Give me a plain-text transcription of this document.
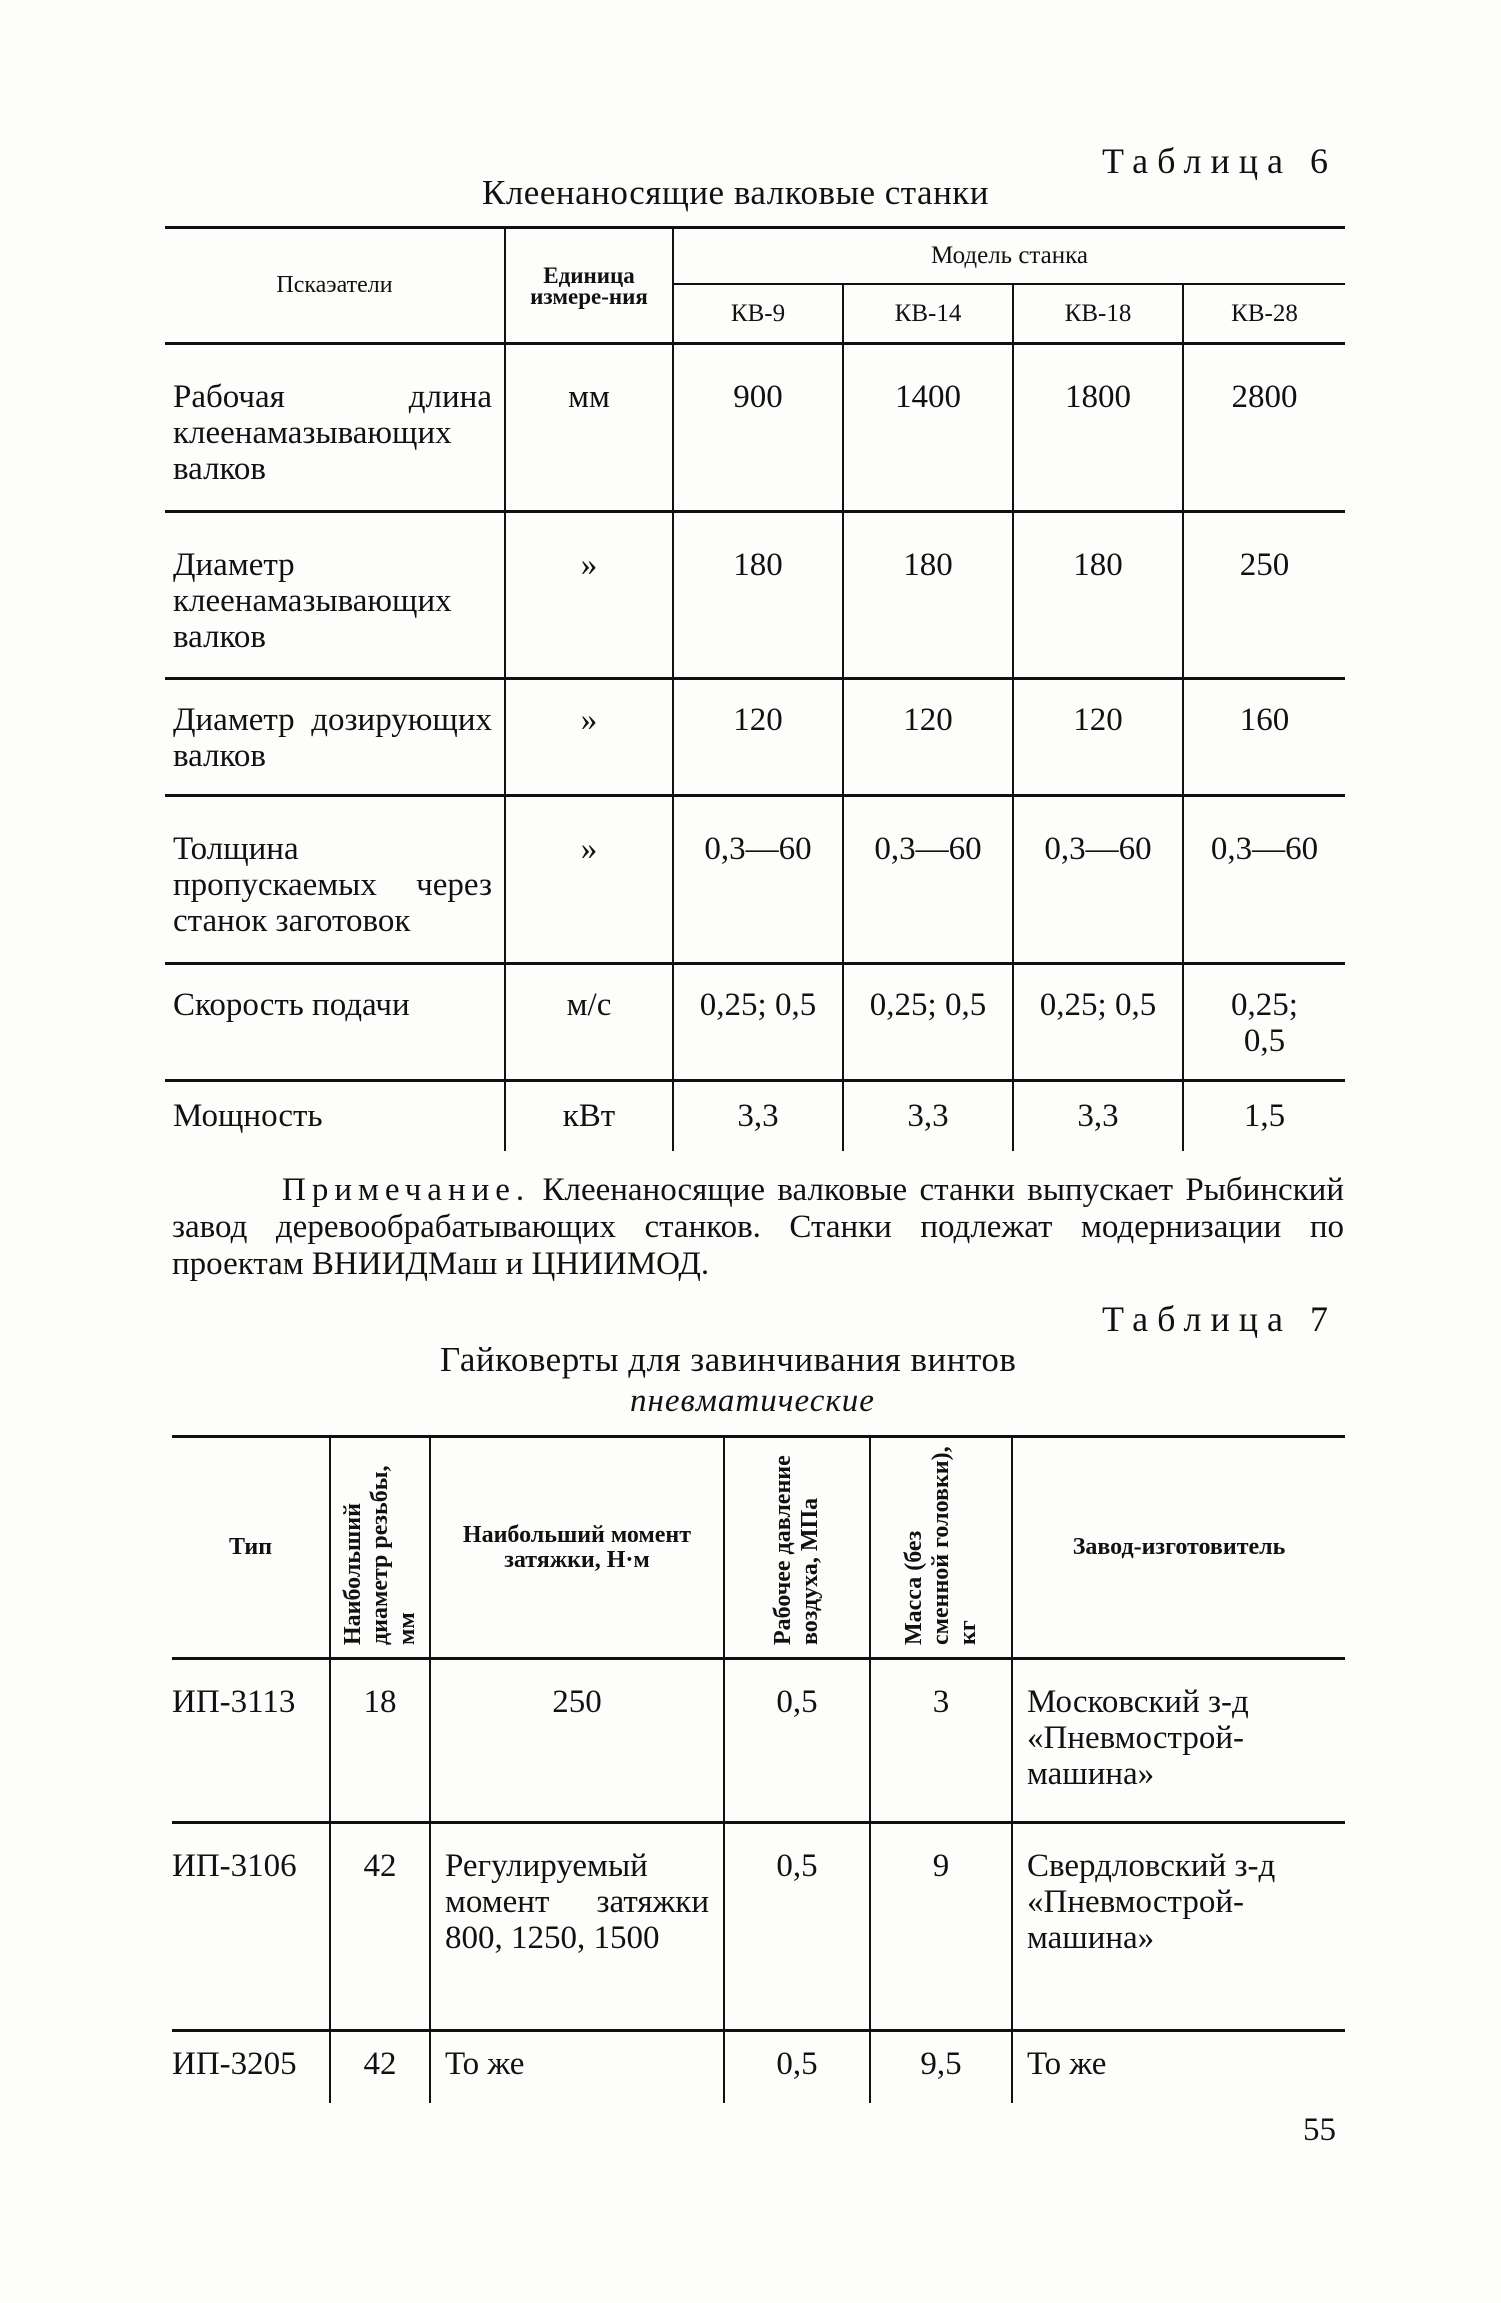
Таблица 6
Клеенаносящие валковые станки
Пскаэатели	Единица измере-ния	Модель станка			
		КВ-9	КВ-14	КВ-18	КВ-28
Рабочая длина клеенамазывающих валков	мм	900	1400	1800	2800
Диаметр клеенамазывающих валков	»	180	180	180	250
Диаметр дозирующих валков	»	120	120	120	160
Толщина пропускаемых через станок заготовок	»	0,3—60	0,3—60	0,3—60	0,3—60
Скорость подачи	м/с	0,25; 0,5	0,25; 0,5	0,25; 0,5	0,25; 0,5
Мощность	кВт	3,3	3,3	3,3	1,5
Примечание. Клеенаносящие валковые станки выпускает Рыбинский завод деревообрабатывающих станков. Станки подлежат модернизации по проектам ВНИИДМаш и ЦНИИМОД.
Таблица 7
Гайковерты для завинчивания винтов
пневматические
Тип	Наибольший диаметр резьбы, мм	Наибольший момент затяжки, Н·м	Рабочее давление воздуха, МПа	Масса (без сменной головки), кг	Завод-изготовитель
ИП-3113	18	250	0,5	3	Московский з-д «Пневмострой-машина»
ИП-3106	42	Регулируемый момент затяжки 800, 1250, 1500	0,5	9	Свердловский з-д «Пневмострой-машина»
ИП-3205	42	То же	0,5	9,5	То же
55
